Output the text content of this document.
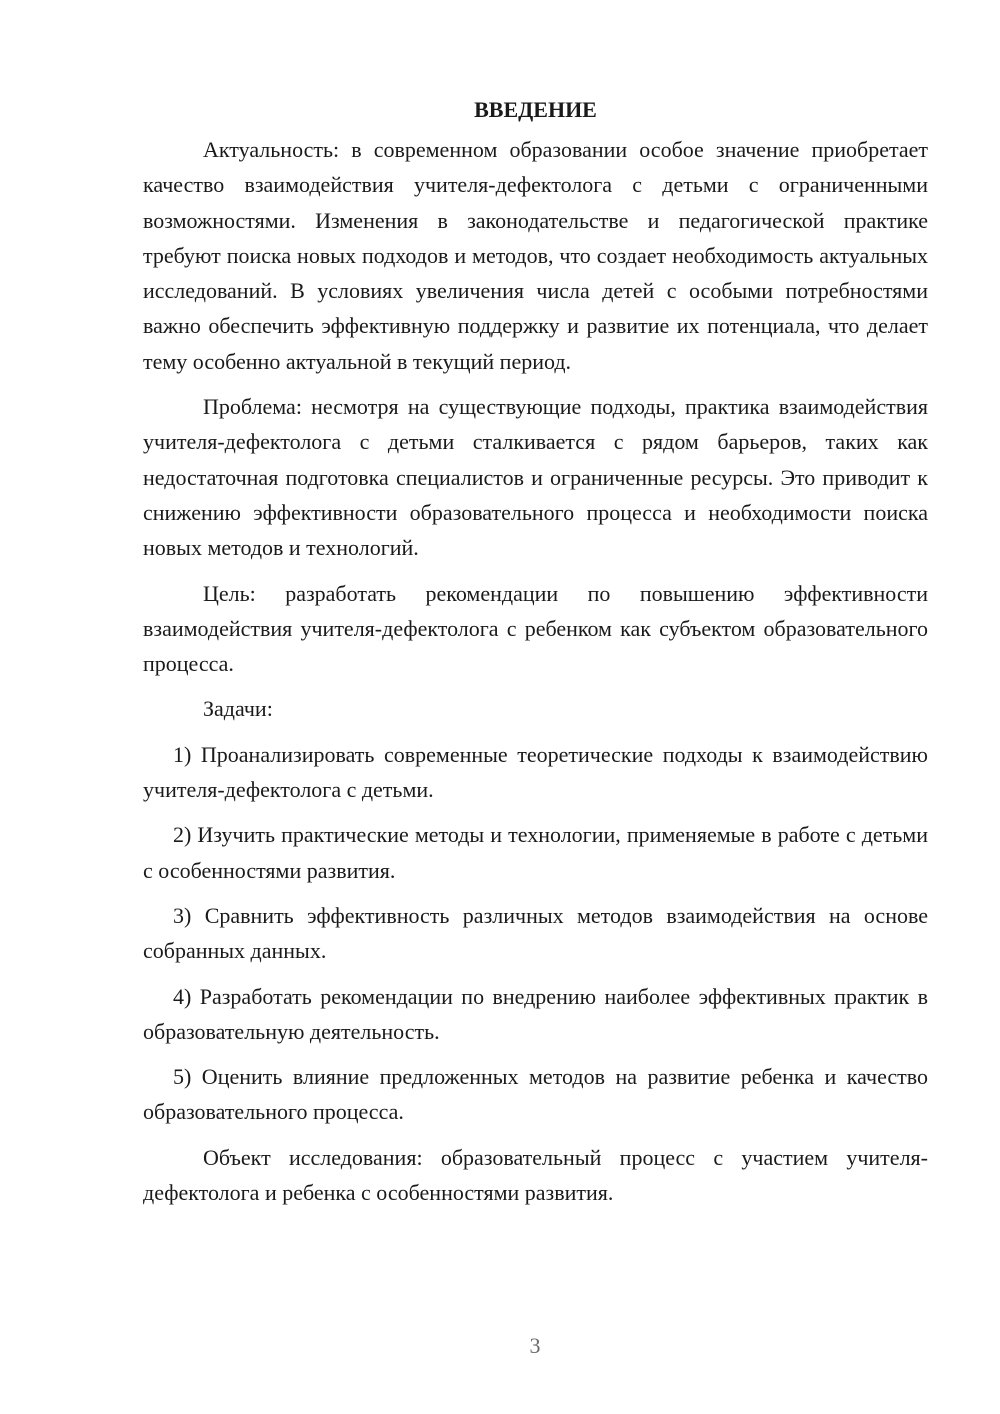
ВВЕДЕНИЕ

Актуальность: в современном образовании особое значение приобретает качество взаимодействия учителя-дефектолога с детьми с ограниченными возможностями. Изменения в законодательстве и педагогической практике требуют поиска новых подходов и методов, что создает необходимость актуальных исследований. В условиях увеличения числа детей с особыми потребностями важно обеспечить эффективную поддержку и развитие их потенциала, что делает тему особенно актуальной в текущий период.

Проблема: несмотря на существующие подходы, практика взаимодействия учителя-дефектолога с детьми сталкивается с рядом барьеров, таких как недостаточная подготовка специалистов и ограниченные ресурсы. Это приводит к снижению эффективности образовательного процесса и необходимости поиска новых методов и технологий.

Цель: разработать рекомендации по повышению эффективности взаимодействия учителя-дефектолога с ребенком как субъектом образовательного процесса.

Задачи:

1) Проанализировать современные теоретические подходы к взаимодействию учителя-дефектолога с детьми.

2) Изучить практические методы и технологии, применяемые в работе с детьми с особенностями развития.

3) Сравнить эффективность различных методов взаимодействия на основе собранных данных.

4) Разработать рекомендации по внедрению наиболее эффективных практик в образовательную деятельность.

5) Оценить влияние предложенных методов на развитие ребенка и качество образовательного процесса.

Объект исследования: образовательный процесс с участием учителя-дефектолога и ребенка с особенностями развития.

3
